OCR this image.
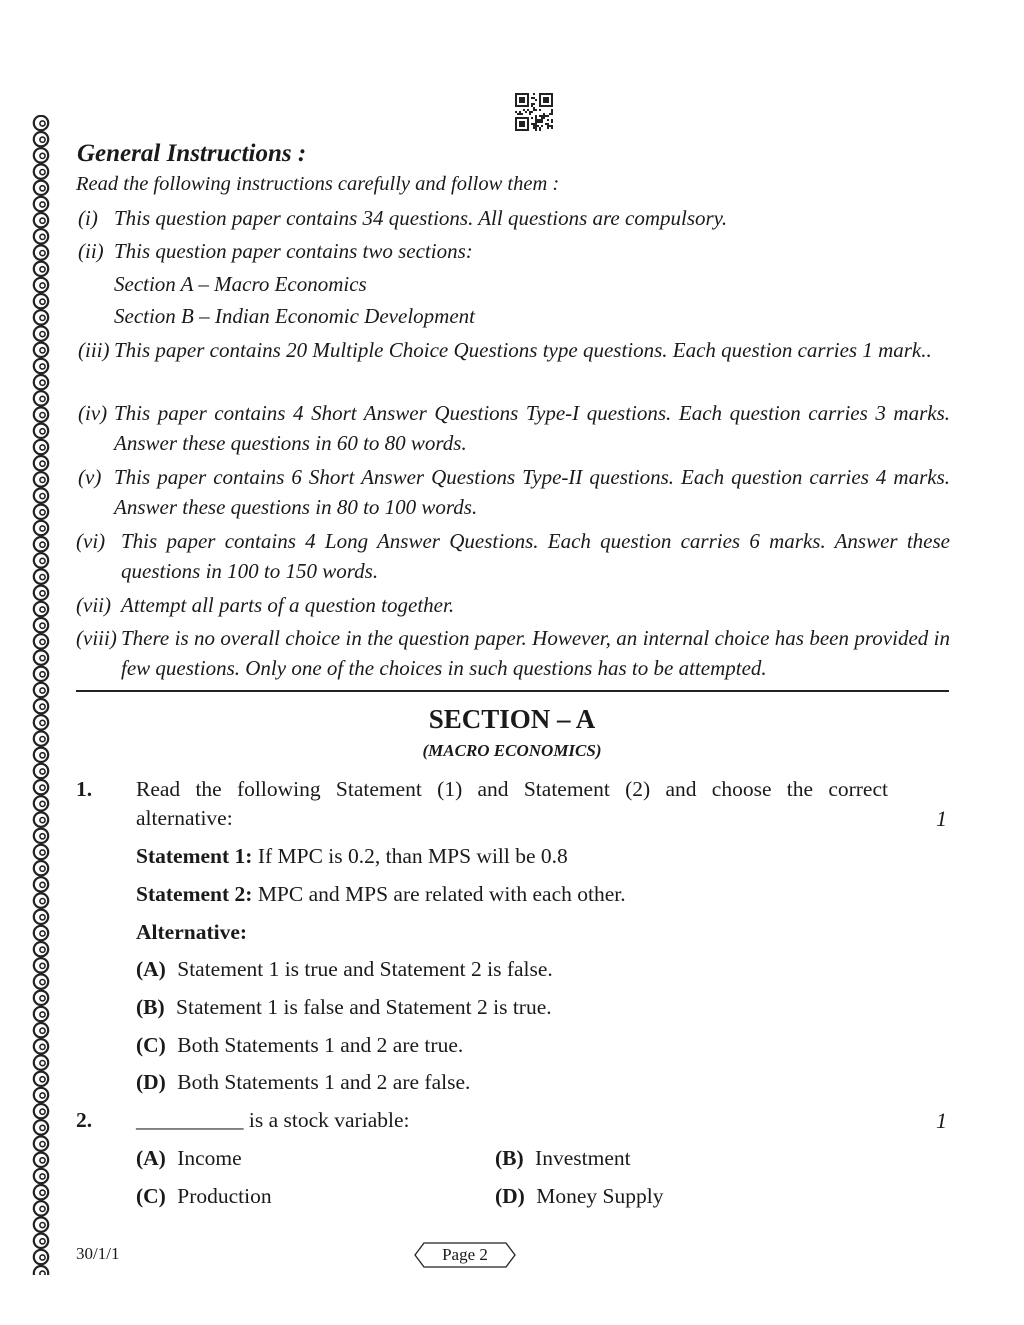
General Instructions :
Read the following instructions carefully and follow them :
(i) This question paper contains 34 questions. All questions are compulsory.
(ii) This question paper contains two sections:
Section A – Macro Economics
Section B – Indian Economic Development
(iii) This paper contains 20 Multiple Choice Questions type questions. Each question carries 1 mark..
(iv) This paper contains 4 Short Answer Questions Type-I questions. Each question carries 3 marks. Answer these questions in 60 to 80 words.
(v) This paper contains 6 Short Answer Questions Type-II questions. Each question carries 4 marks. Answer these questions in 80 to 100 words.
(vi) This paper contains 4 Long Answer Questions. Each question carries 6 marks. Answer these questions in 100 to 150 words.
(vii) Attempt all parts of a question together.
(viii) There is no overall choice in the question paper. However, an internal choice has been provided in few questions. Only one of the choices in such questions has to be attempted.
SECTION – A
(MACRO ECONOMICS)
1. Read the following Statement (1) and Statement (2) and choose the correct
alternative:	1
Statement 1: If MPC is 0.2, than MPS will be 0.8
Statement 2: MPC and MPS are related with each other.
Alternative:
(A) Statement 1 is true and Statement 2 is false.
(B) Statement 1 is false and Statement 2 is true.
(C) Both Statements 1 and 2 are true.
(D) Both Statements 1 and 2 are false.
2. __________ is a stock variable:	1
(A) Income	(B) Investment
(C) Production	(D) Money Supply
30/1/1	Page 2
